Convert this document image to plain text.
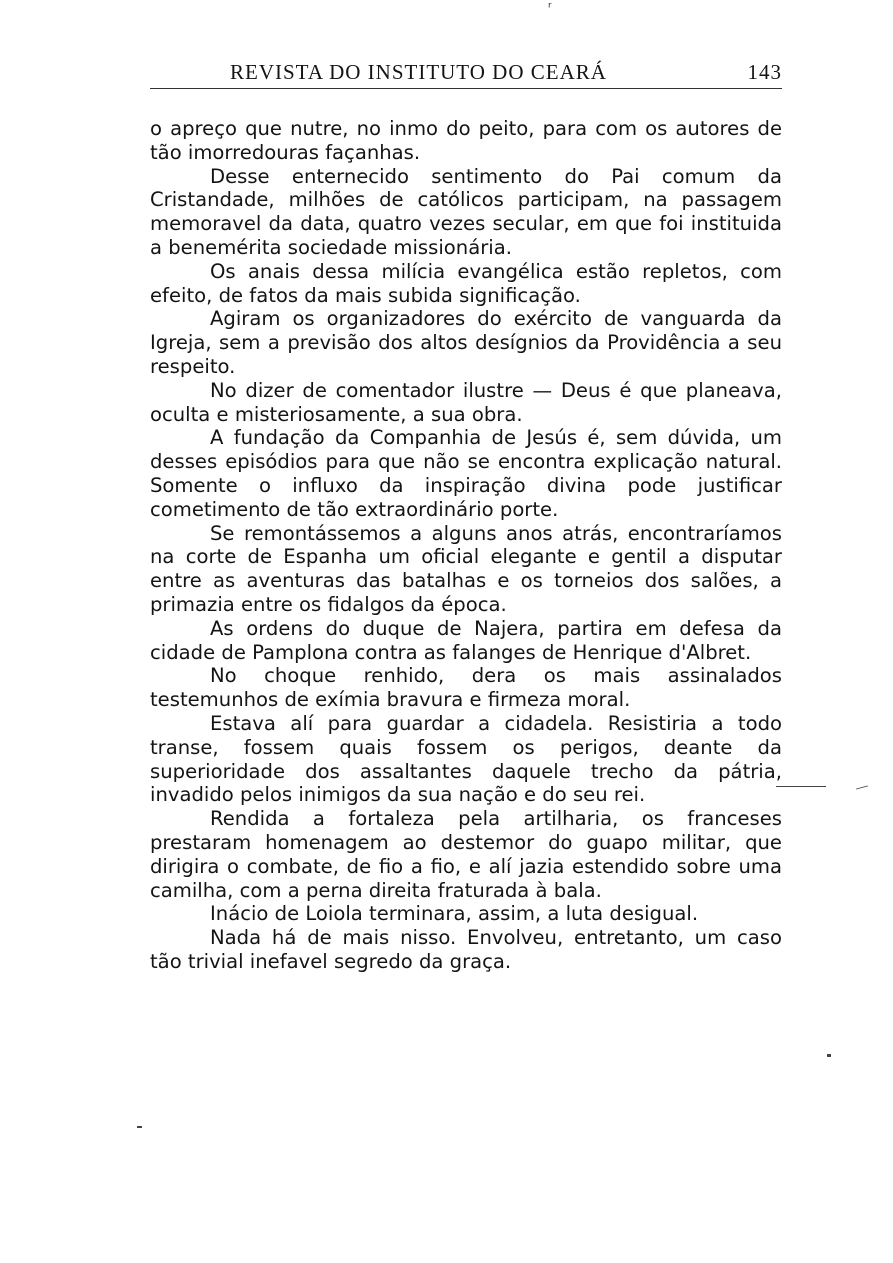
ʳ
REVISTA DO INSTITUTO DO CEARÁ	143

o apreço que nutre, no inmo do peito, para com os autores de tão imorredouras façanhas.

Desse enternecido sentimento do Pai comum da Cristandade, milhões de católicos participam, na passagem memoravel da data, quatro vezes secular, em que foi instituida a benemérita sociedade missionária.

Os anais dessa milícia evangélica estão repletos, com efeito, de fatos da mais subida significação.

Agiram os organizadores do exército de vanguarda da Igreja, sem a previsão dos altos desígnios da Providência a seu respeito.

No dizer de comentador ilustre — Deus é que planeava, oculta e misteriosamente, a sua obra.

A fundação da Companhia de Jesús é, sem dúvida, um desses episódios para que não se encontra explicação natural. Somente o influxo da inspiração divina pode justificar cometimento de tão extraordinário porte.

Se remontássemos a alguns anos atrás, encontraríamos na corte de Espanha um oficial elegante e gentil a disputar entre as aventuras das batalhas e os torneios dos salões, a primazia entre os fidalgos da época.

As ordens do duque de Najera, partira em defesa da cidade de Pamplona contra as falanges de Henrique d'Albret.

No choque renhido, dera os mais assinalados testemunhos de exímia bravura e firmeza moral.

Estava alí para guardar a cidadela. Resistiria a todo transe, fossem quais fossem os perigos, deante da superioridade dos assaltantes daquele trecho da pátria, invadido pelos inimigos da sua nação e do seu rei.

Rendida a fortaleza pela artilharia, os franceses prestaram homenagem ao destemor do guapo militar, que dirigira o combate, de fio a fio, e alí jazia estendido sobre uma camilha, com a perna direita fraturada à bala.

Inácio de Loiola terminara, assim, a luta desigual.

Nada há de mais nisso. Envolveu, entretanto, um caso tão trivial inefavel segredo da graça.
